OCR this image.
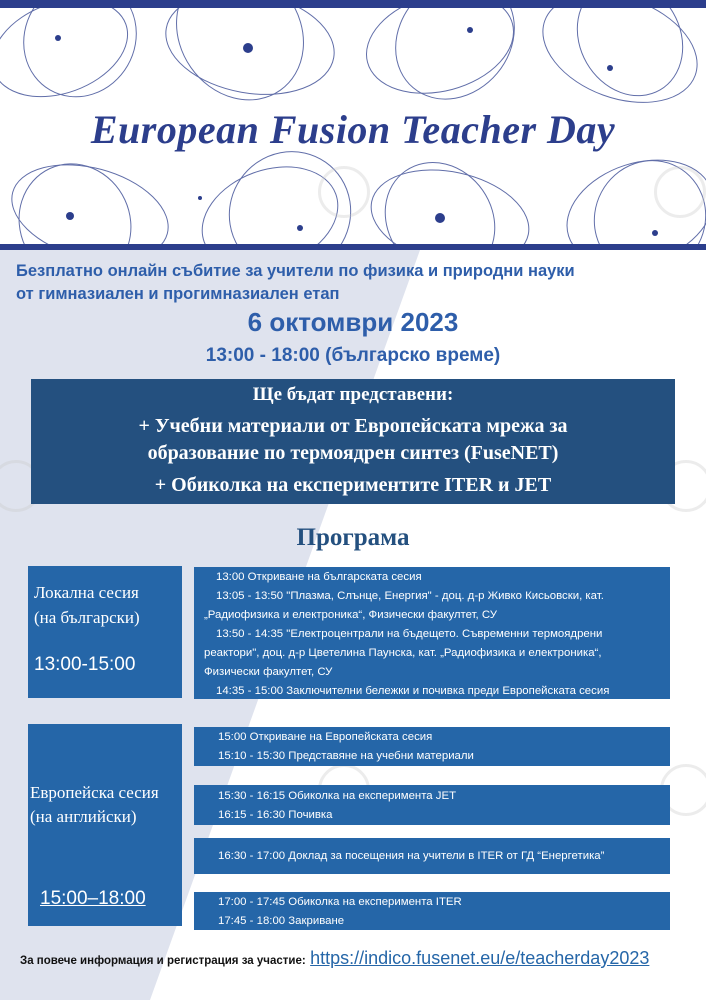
European Fusion Teacher Day
Безплатно онлайн събитие за учители по физика и природни науки
от гимназиален и прогимназиален етап
6 октомври 2023
13:00 - 18:00 (българско време)
Ще бъдат представени:
+ Учебни материали от Европейската мрежа за
образование по термоядрен синтез (FuseNET)
+ Обиколка на експериментите ITER и JET
Програма
Локална сесия
(на български)
13:00-15:00
13:00 Откриване на българската сесия
13:05 - 13:50 "Плазма, Слънце, Енергия" - доц. д-р Живко Кисьовски, кат.
„Радиофизика и електроника“, Физически факултет, СУ
13:50 - 14:35 "Електроцентрали на бъдещето. Съвременни термоядрени
реактори", доц. д-р Цветелина Паунска, кат. „Радиофизика и електроника“,
Физически факултет, СУ
14:35 - 15:00 Заключителни бележки и почивка преди Европейската сесия
Европейска сесия
(на английски)
15:00–18:00
15:00 Откриване на Европейската сесия
15:10 - 15:30 Представяне на учебни материали
15:30 - 16:15 Обиколка на експеримента JET
16:15 - 16:30 Почивка
16:30 - 17:00 Доклад за посещения на учители в ITER от ГД “Енергетика”
17:00 - 17:45 Обиколка на експеримента ITER
17:45 - 18:00 Закриване
За повече информация и регистрация за участие: https://indico.fusenet.eu/e/teacherday2023
